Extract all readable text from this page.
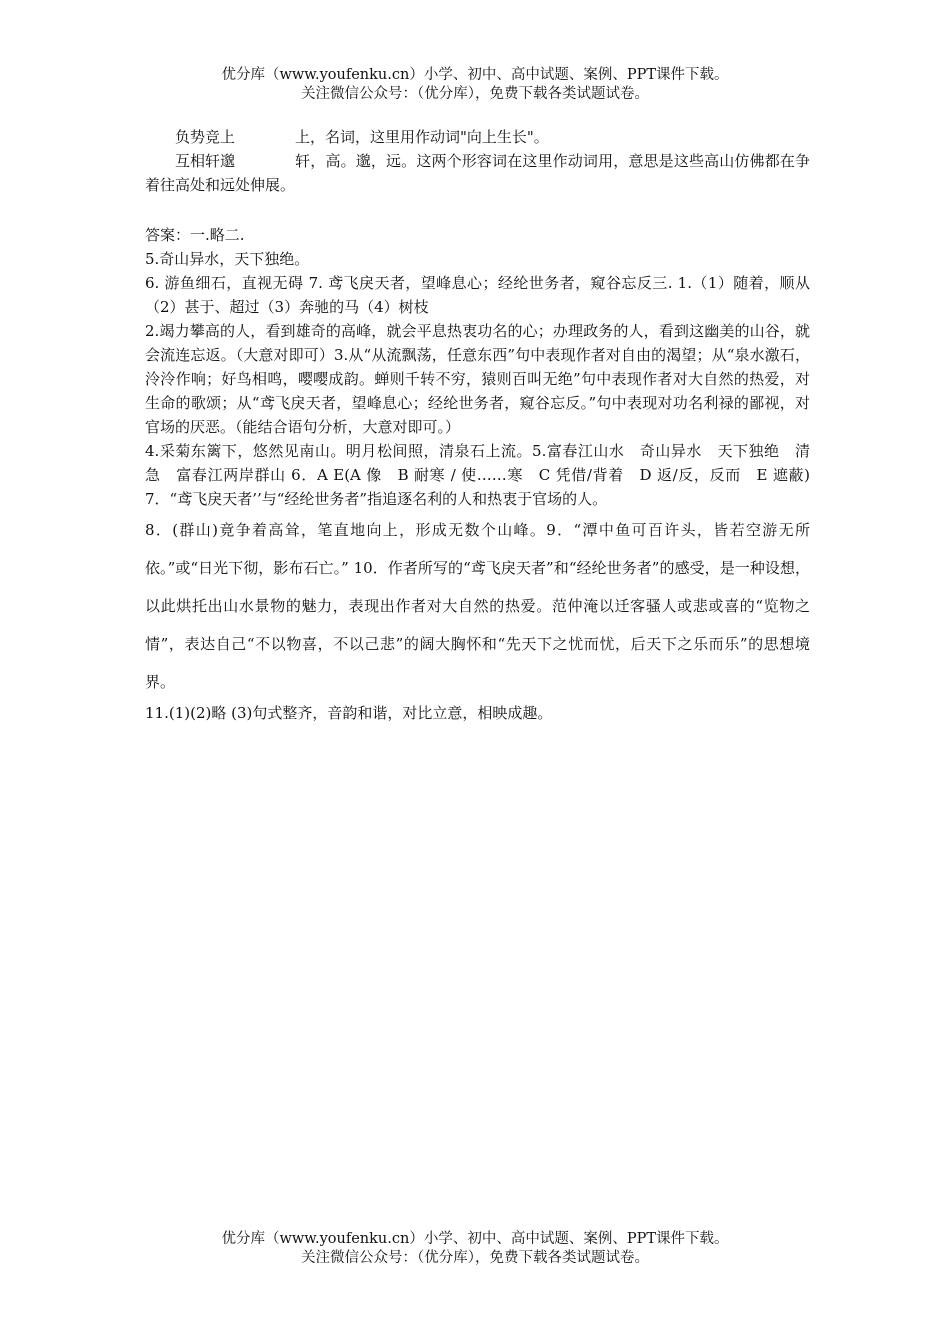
优分库（www.youfenku.cn）小学、初中、高中试题、案例、PPT课件下载。
关注微信公众号：（优分库），免费下载各类试题试卷。

负势竞上	上，名词，这里用作动词"向上生长"。

互相轩邈	轩，高。邈，远。这两个形容词在这里作动词用，意思是这些高山仿佛都在争着往高处和远处伸展。

答案：一.略二.

5.奇山异水，天下独绝。

6. 游鱼细石，直视无碍 7. 鸢飞戾天者，望峰息心；经纶世务者，窥谷忘反三. 1.（1）随着，顺从（2）甚于、超过（3）奔驰的马（4）树枝

2.竭力攀高的人，看到雄奇的高峰，就会平息热衷功名的心；办理政务的人，看到这幽美的山谷，就会流连忘返。（大意对即可）3.从“从流飘荡，任意东西”句中表现作者对自由的渴望；从“泉水激石，泠泠作响；好鸟相鸣，嘤嘤成韵。蝉则千转不穷，猿则百叫无绝”句中表现作者对大自然的热爱，对生命的歌颂；从“鸢飞戾天者，望峰息心；经纶世务者，窥谷忘反。”句中表现对功名利禄的鄙视，对官场的厌恶。（能结合语句分析，大意对即可。）

4.采菊东篱下，悠然见南山。明月松间照，清泉石上流。5.富春江山水　奇山异水　天下独绝　清　急　富春江两岸群山 6．A E(A 像　B 耐寒 / 使……寒　C 凭借/背着　D 返/反，反而　E 遮蔽) 7．“鸢飞戾天者’’与“经纶世务者”指追逐名利的人和热衷于官场的人。

8．(群山)竟争着高耸，笔直地向上，形成无数个山峰。9．“潭中鱼可百许头，皆若空游无所依。”或“日光下彻，影布石亡。” 10．作者所写的“鸢飞戾天者”和“经纶世务者”的感受，是一种设想，以此烘托出山水景物的魅力，表现出作者对大自然的热爱。范仲淹以迁客骚人或悲或喜的“览物之情”，表达自己“不以物喜，不以己悲”的阔大胸怀和“先天下之忧而忧，后天下之乐而乐”的思想境界。

11.(1)(2)略 (3)句式整齐，音韵和谐，对比立意，相映成趣。

优分库（www.youfenku.cn）小学、初中、高中试题、案例、PPT课件下载。
关注微信公众号：（优分库），免费下载各类试题试卷。
